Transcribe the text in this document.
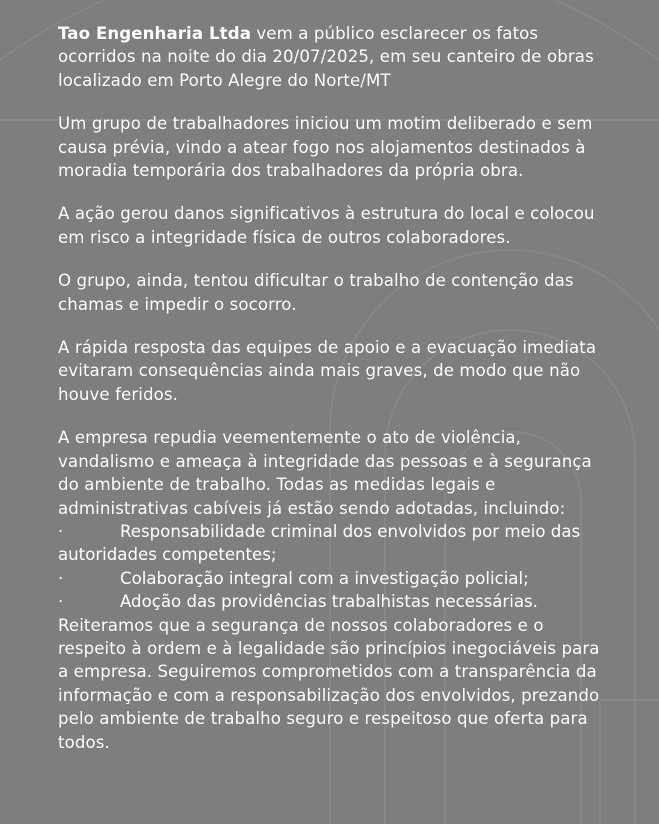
Tao Engenharia Ltda vem a público esclarecer os fatos ocorridos na noite do dia 20/07/2025, em seu canteiro de obras localizado em Porto Alegre do Norte/MT

Um grupo de trabalhadores iniciou um motim deliberado e sem causa prévia, vindo a atear fogo nos alojamentos destinados à moradia temporária dos trabalhadores da própria obra.

A ação gerou danos significativos à estrutura do local e colocou em risco a integridade física de outros colaboradores.

O grupo, ainda, tentou dificultar o trabalho de contenção das chamas e impedir o socorro.

A rápida resposta das equipes de apoio e a evacuação imediata evitaram consequências ainda mais graves, de modo que não houve feridos.

A empresa repudia veementemente o ato de violência, vandalismo e ameaça à integridade das pessoas e à segurança do ambiente de trabalho. Todas as medidas legais e administrativas cabíveis já estão sendo adotadas, incluindo:

·	Responsabilidade criminal dos envolvidos por meio das autoridades competentes;
·	Colaboração integral com a investigação policial;
·	Adoção das providências trabalhistas necessárias.

Reiteramos que a segurança de nossos colaboradores e o respeito à ordem e à legalidade são princípios inegociáveis para a empresa. Seguiremos comprometidos com a transparência da informação e com a responsabilização dos envolvidos, prezando pelo ambiente de trabalho seguro e respeitoso que oferta para todos.
